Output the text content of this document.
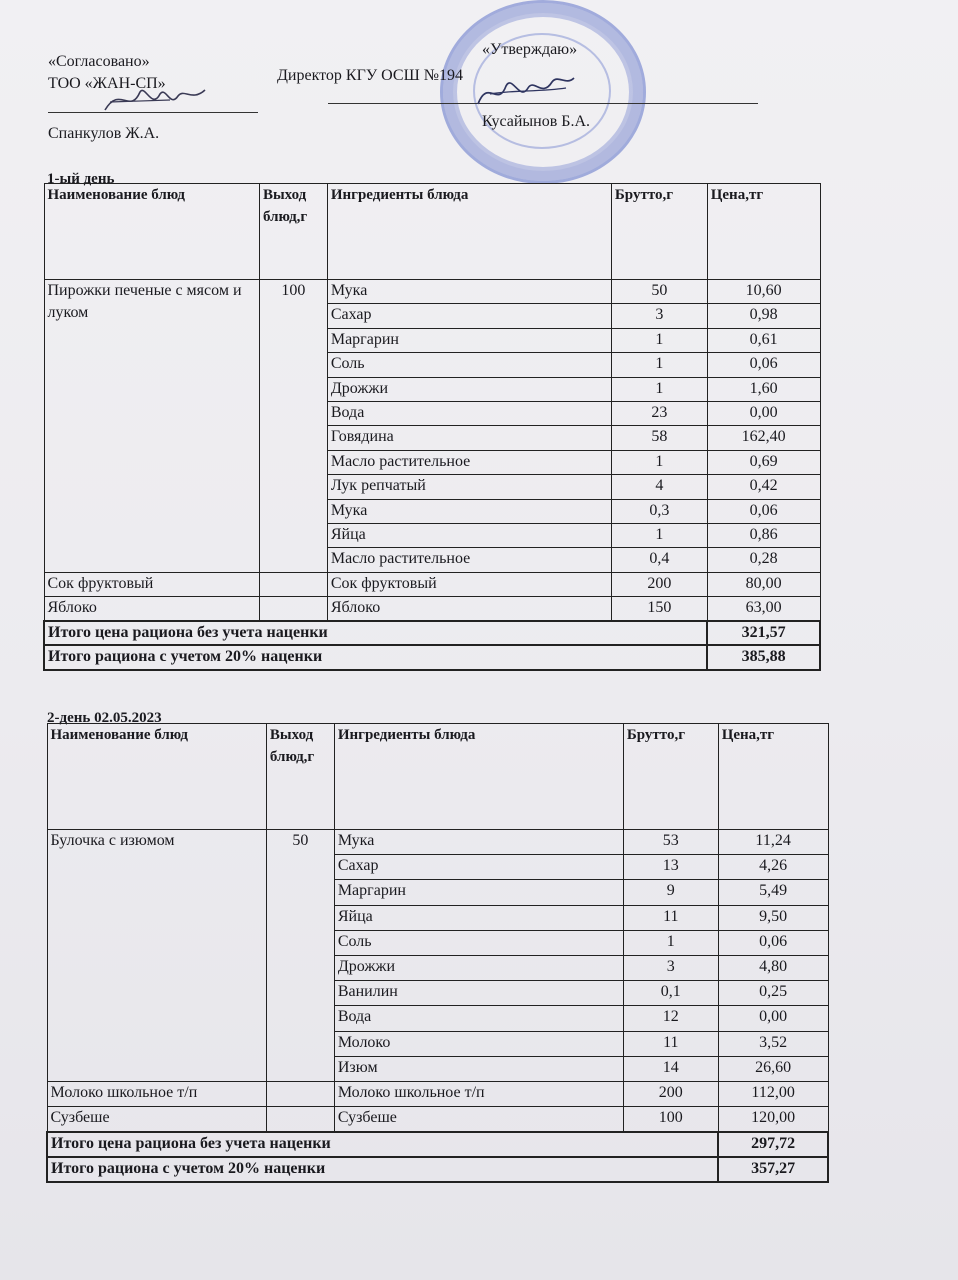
«Согласовано»
ТОО «ЖАН-СП»
Спанкулов Ж.А.
«Утверждаю»
Директор КГУ ОСШ №194
Кусайынов Б.А.
1-ый день
Наименование блюд	Выход блюд,г	Ингредиенты блюда	Брутто,г	Цена,тг
Пирожки печеные с мясом и луком	100	Мука	50	10,60
		Сахар	3	0,98
		Маргарин	1	0,61
		Соль	1	0,06
		Дрожжи	1	1,60
		Вода	23	0,00
		Говядина	58	162,40
		Масло растительное	1	0,69
		Лук репчатый	4	0,42
		Мука	0,3	0,06
		Яйца	1	0,86
		Масло растительное	0,4	0,28
Сок фруктовый		Сок фруктовый	200	80,00
Яблоко		Яблоко	150	63,00
Итого цена рациона без учета наценки				321,57
Итого рациона с учетом 20% наценки				385,88
2-день 02.05.2023
Наименование блюд	Выход блюд,г	Ингредиенты блюда	Брутто,г	Цена,тг
Булочка с изюмом	50	Мука	53	11,24
		Сахар	13	4,26
		Маргарин	9	5,49
		Яйца	11	9,50
		Соль	1	0,06
		Дрожжи	3	4,80
		Ванилин	0,1	0,25
		Вода	12	0,00
		Молоко	11	3,52
		Изюм	14	26,60
Молоко школьное т/п		Молоко школьное т/п	200	112,00
Сузбеше		Сузбеше	100	120,00
Итого цена рациона без учета наценки				297,72
Итого рациона с учетом 20% наценки				357,27
